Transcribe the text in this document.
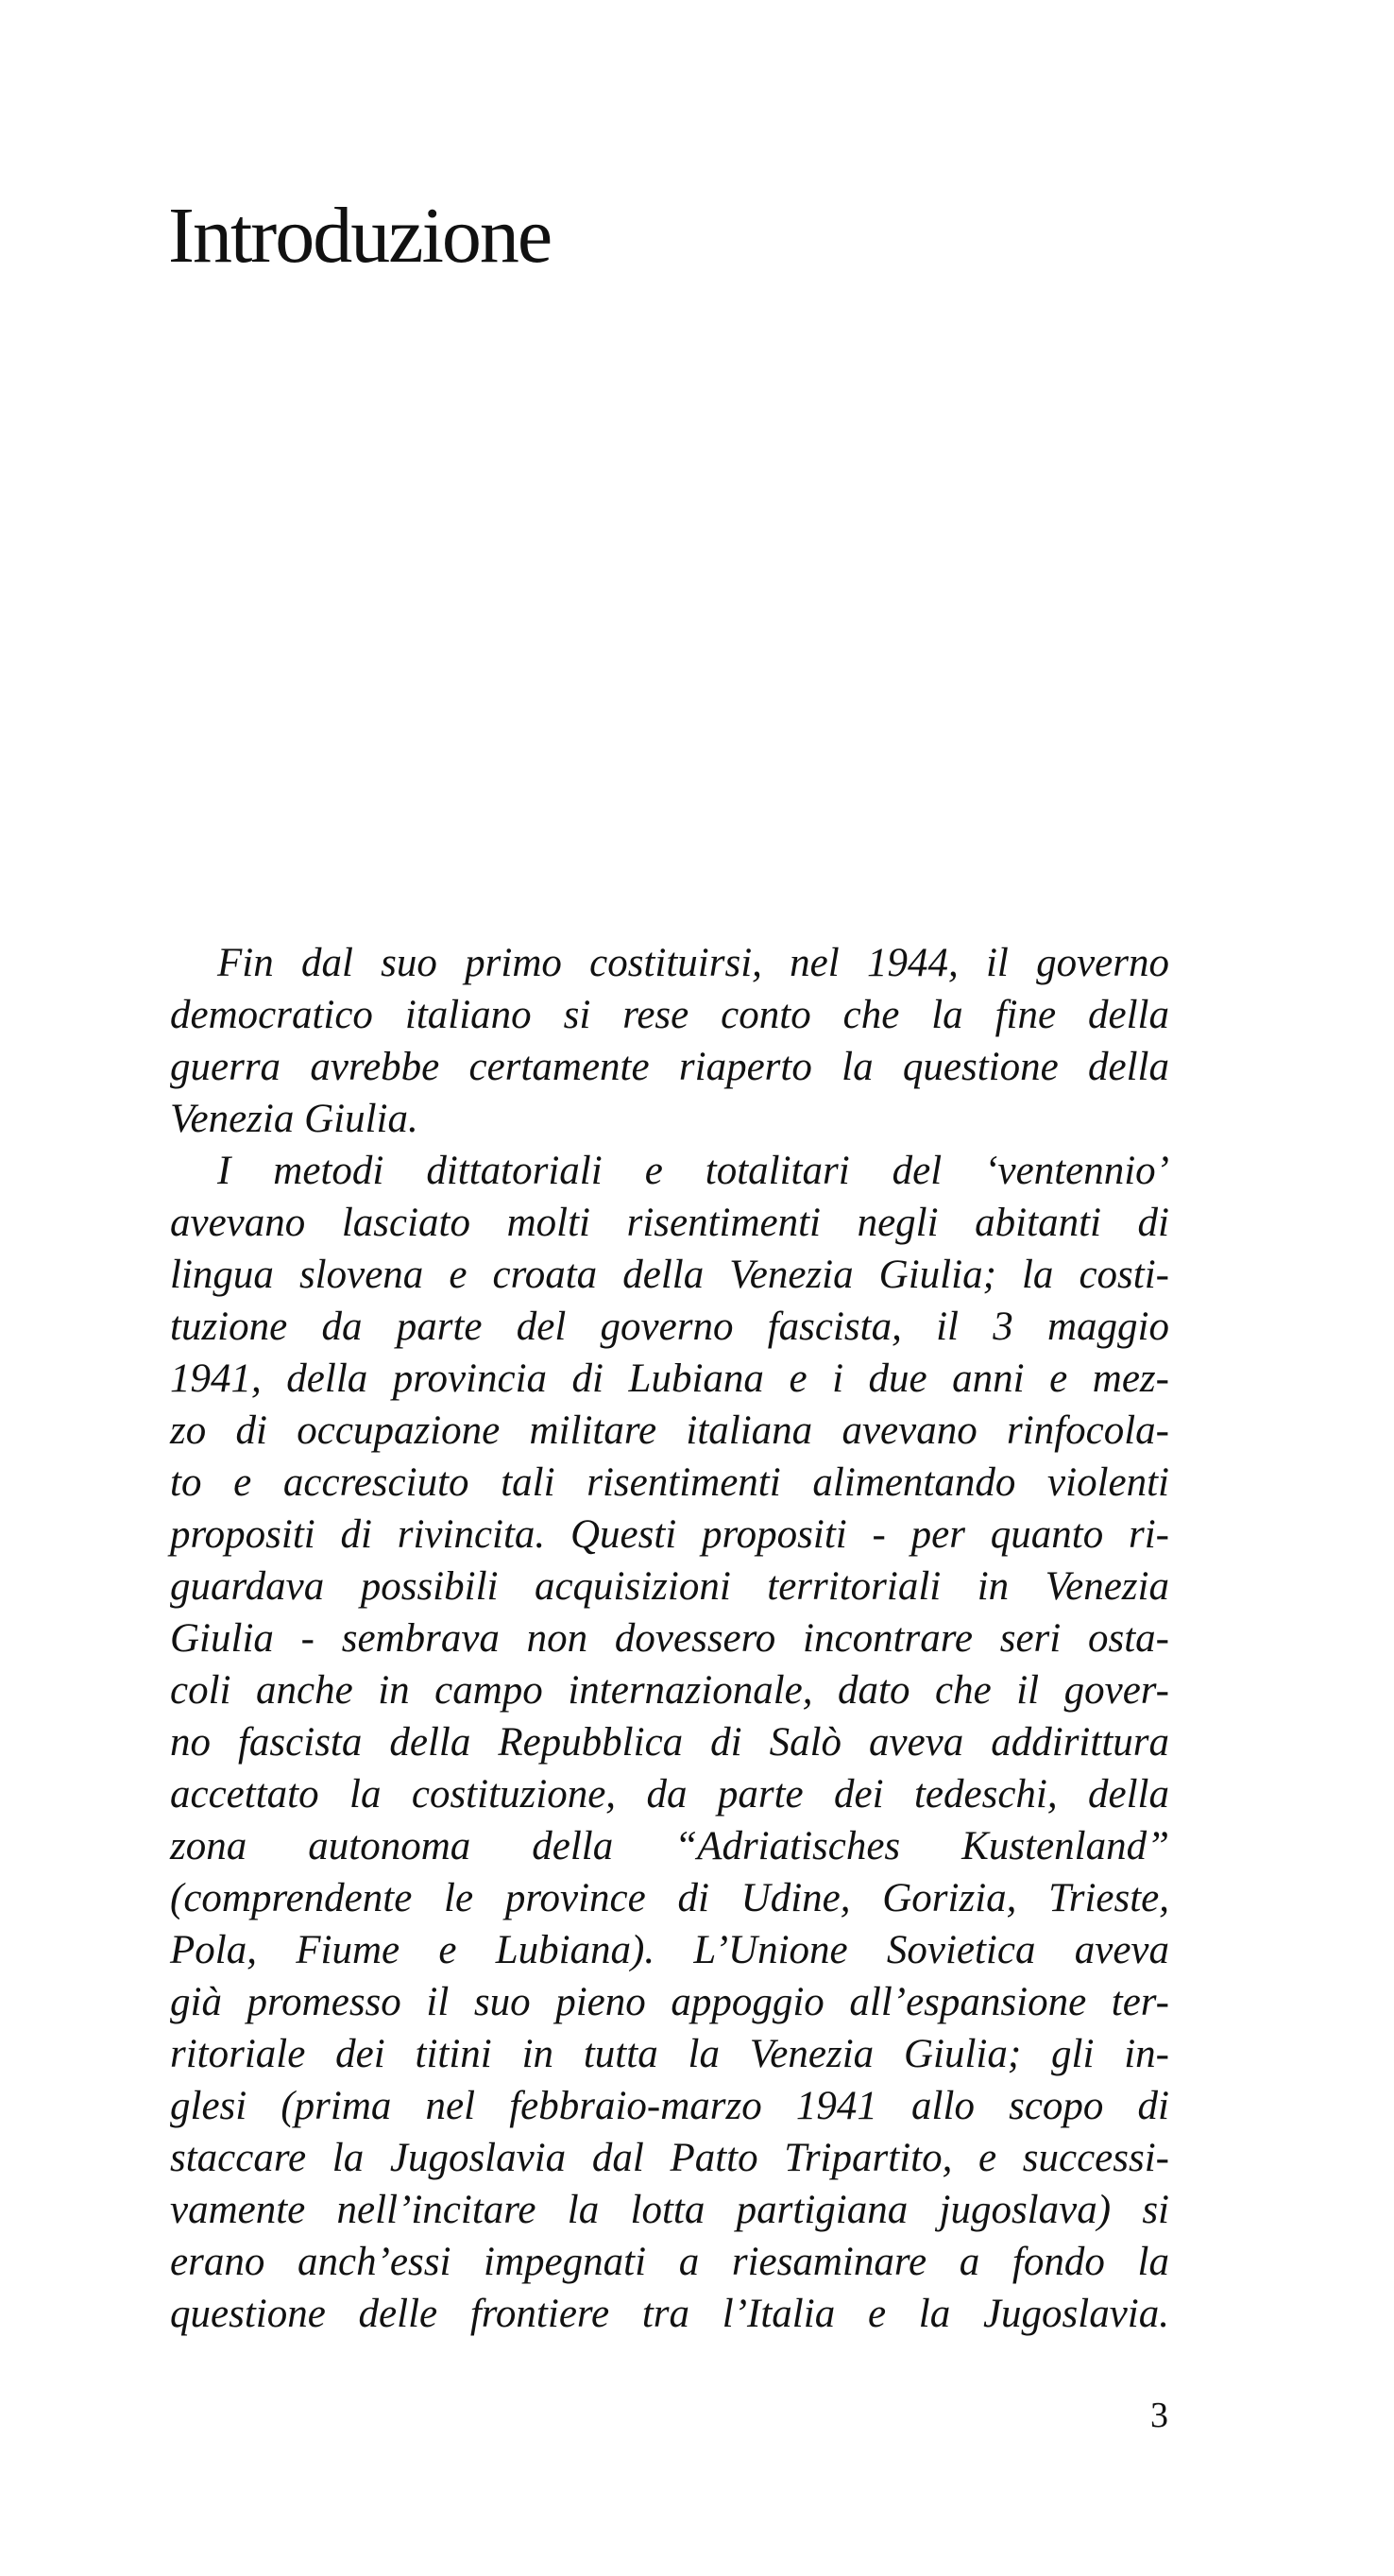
Introduzione

Fin dal suo primo costituirsi, nel 1944, il governo
democratico italiano si rese conto che la fine della
guerra avrebbe certamente riaperto la questione della
Venezia Giulia.

I metodi dittatoriali e totalitari del ‘ventennio’
avevano lasciato molti risentimenti negli abitanti di
lingua slovena e croata della Venezia Giulia; la costi-
tuzione da parte del governo fascista, il 3 maggio
1941, della provincia di Lubiana e i due anni e mez-
zo di occupazione militare italiana avevano rinfocola-
to e accresciuto tali risentimenti alimentando violenti
propositi di rivincita. Questi propositi - per quanto ri-
guardava possibili acquisizioni territoriali in Venezia
Giulia - sembrava non dovessero incontrare seri osta-
coli anche in campo internazionale, dato che il gover-
no fascista della Repubblica di Salò aveva addirittura
accettato la costituzione, da parte dei tedeschi, della
zona autonoma della “Adriatisches Kustenland”
(comprendente le province di Udine, Gorizia, Trieste,
Pola, Fiume e Lubiana). L’Unione Sovietica aveva
già promesso il suo pieno appoggio all’espansione ter-
ritoriale dei titini in tutta la Venezia Giulia; gli in-
glesi (prima nel febbraio-marzo 1941 allo scopo di
staccare la Jugoslavia dal Patto Tripartito, e successi-
vamente nell’incitare la lotta partigiana jugoslava) si
erano anch’essi impegnati a riesaminare a fondo la
questione delle frontiere tra l’Italia e la Jugoslavia.

3
